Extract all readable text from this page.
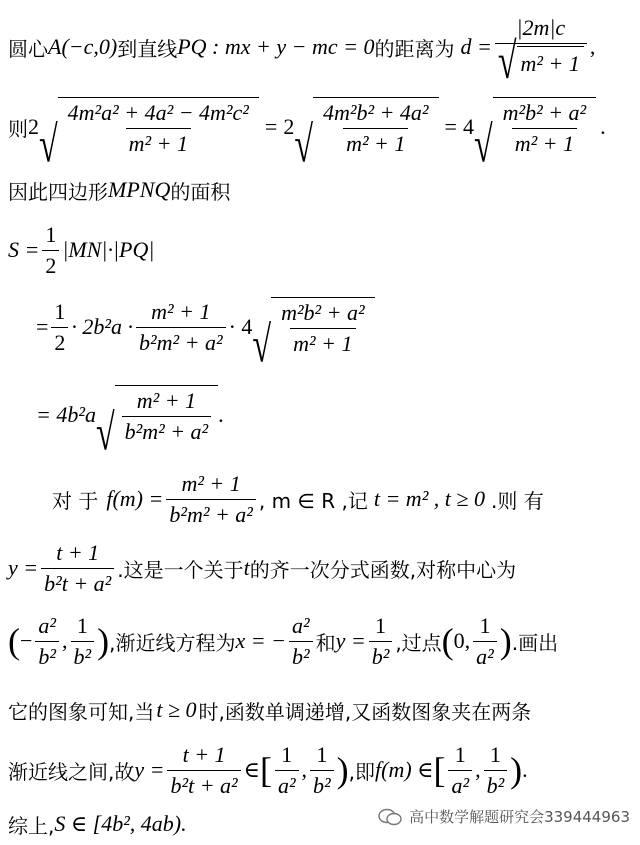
圆心 A(−c,0) 到直线 PQ : mx + y − mc = 0 的距离为 $d = \frac{|2m|c}{\text{√ m² + 1}}$ ,
则 2 √ $\frac{\text{4m²a² + 4a² − 4m²c²}}{\text{m² + 1}} = 2$ √ $\frac{\text{4m²b² + 4a²}}{\text{m² + 1}} = 4$ √ $\frac{\text{m²b² + a²}}{\text{m² + 1}}$ .
因此四边形 MPNQ 的面积
$S = \frac{1}{2} |MN|\cdot|PQ|$
= $\frac{1}{2} \cdot 2b^2a \cdot \frac{\text{m² + 1}}{\text{b²m² + a²}} \cdot 4$ √ $\frac{\text{m²b² + a²}}{\text{m² + 1}}$
= 4b²a √ $\frac{\text{m² + 1}}{\text{b²m² + a²}}$ .
对 于 $f(m) = \frac{\text{m² + 1}}{\text{b²m² + a²}}$ , m ∈ R ,记 t = m² , t ≥ 0 .则 有
$y = \frac{t + 1}{\text{b²t + a²}}$ .这是一个关于 t 的齐一次分式函数,对称中心为
( − $\frac{\text{a²}}{\text{b²}}$ , $\frac{1}{\text{b²}}$ ) ,渐近线方程为 x = − $\frac{\text{a²}}{\text{b²}}$ 和 $y = \frac{1}{\text{b²}}$ ,过点 ( 0, $\frac{1}{\text{a²}}$ ) .画出
它的图象可知,当 t ≥ 0 时,函数单调递增,又函数图象夹在两条
渐近线之间,故 $y = \frac{t + 1}{\text{b²t + a²}}$ ∈ [ $\frac{1}{\text{a²}}$ , $\frac{1}{\text{b²}}$ ) ,即 f(m) ∈ [ $\frac{1}{\text{a²}}$ , $\frac{1}{\text{b²}}$ ) .
综上, S ∈ [4b², 4ab).	高中数学解题研究会339444963
